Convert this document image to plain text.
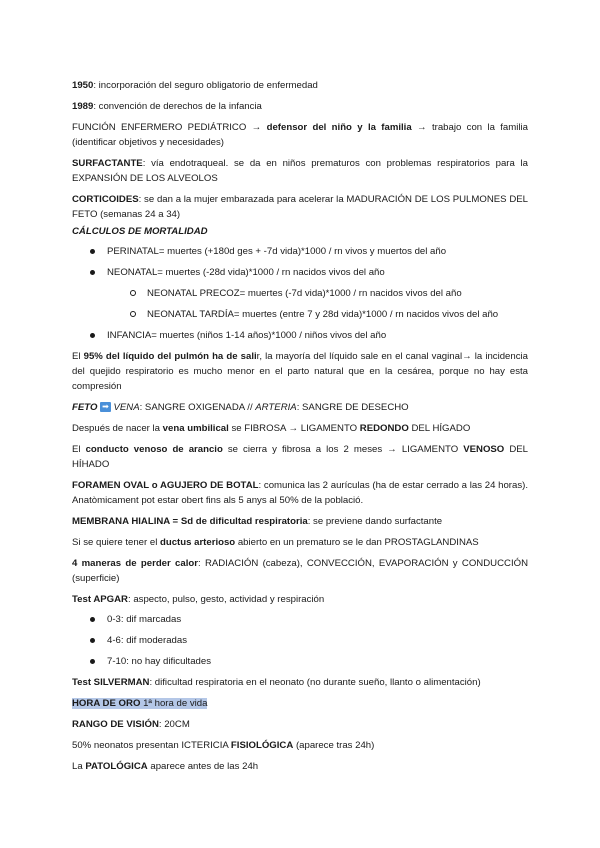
1950: incorporación del seguro obligatorio de enfermedad

1989: convención de derechos de la infancia

FUNCIÓN ENFERMERO PEDIÁTRICO → defensor del niño y la familia → trabajo con la familia (identificar objetivos y necesidades)

SURFACTANTE: vía endotraqueal. se da en niños prematuros con problemas respiratorios para la EXPANSIÓN DE LOS ALVEOLOS

CORTICOIDES: se dan a la mujer embarazada para acelerar la MADURACIÓN DE LOS PULMONES DEL FETO (semanas 24 a 34)

CÁLCULOS DE MORTALIDAD

PERINATAL= muertes (+180d ges + -7d vida)*1000 / rn vivos y muertos del año
NEONATAL= muertes (-28d vida)*1000 / rn nacidos vivos del año
NEONATAL PRECOZ= muertes (-7d vida)*1000 / rn nacidos vivos del año
NEONATAL TARDÍA= muertes (entre 7 y 28d vida)*1000 / rn nacidos vivos del año
INFANCIA= muertes (niños 1-14 años)*1000 / niños vivos del año

El 95% del líquido del pulmón ha de salir, la mayoría del líquido sale en el canal vaginal→ la incidencia del quejido respiratorio es mucho menor en el parto natural que en la cesárea, porque no hay esta compresión

FETO ➡ VENA: SANGRE OXIGENADA // ARTERIA: SANGRE DE DESECHO

Después de nacer la vena umbilical se FIBROSA → LIGAMENTO REDONDO DEL HÍGADO

El conducto venoso de arancio se cierra y fibrosa a los 2 meses → LIGAMENTO VENOSO DEL HÍHADO

FORAMEN OVAL o AGUJERO DE BOTAL: comunica las 2 aurículas (ha de estar cerrado a las 24 horas). Anatòmicament pot estar obert fins als 5 anys al 50% de la població.

MEMBRANA HIALINA = Sd de dificultad respiratoria: se previene dando surfactante

Si se quiere tener el ductus arterioso abierto en un prematuro se le dan PROSTAGLANDINAS

4 maneras de perder calor: RADIACIÓN (cabeza), CONVECCIÓN, EVAPORACIÓN y CONDUCCIÓN (superficie)

Test APGAR: aspecto, pulso, gesto, actividad y respiración

0-3: dif marcadas
4-6: dif moderadas
7-10: no hay dificultades

Test SILVERMAN: dificultad respiratoria en el neonato (no durante sueño, llanto o alimentación)

HORA DE ORO 1ª hora de vida

RANGO DE VISIÓN: 20CM

50% neonatos presentan ICTERICIA FISIOLÓGICA (aparece tras 24h)

La PATOLÓGICA aparece antes de las 24h
